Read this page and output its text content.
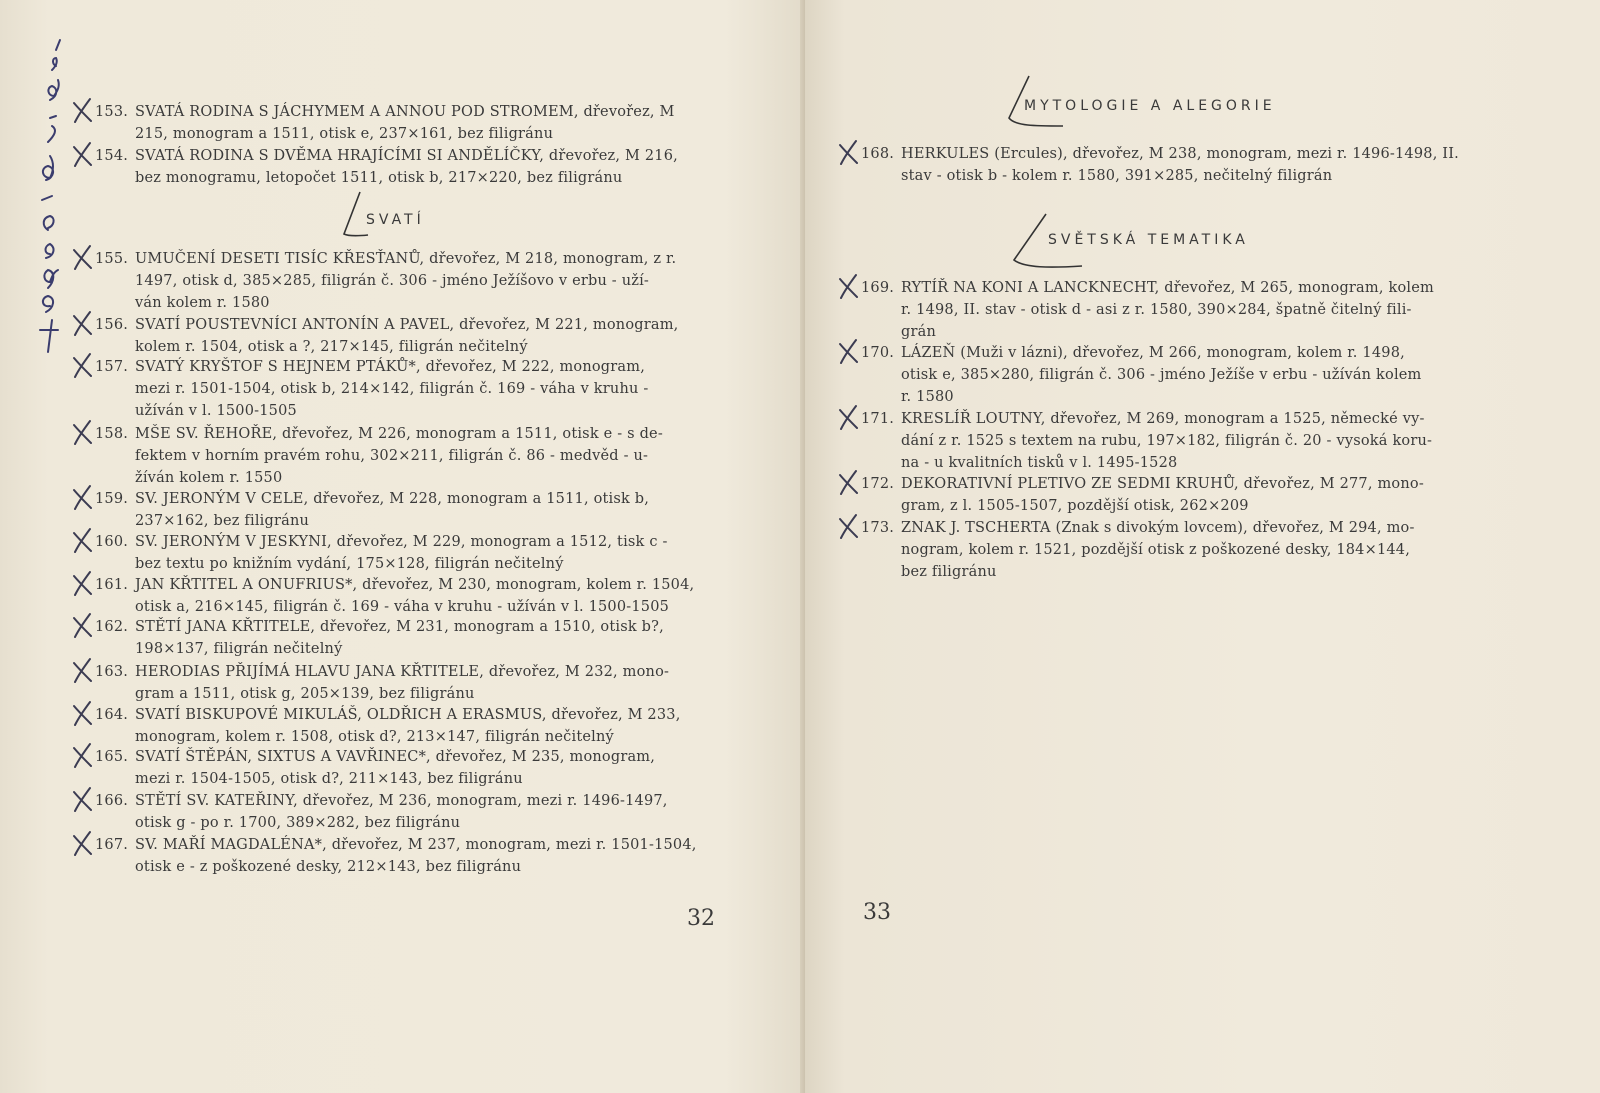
153. SVATÁ RODINA S JÁCHYMEM A ANNOU POD STROMEM, dřevořez, M
215, monogram a 1511, otisk e, 237×161, bez filigránu
154. SVATÁ RODINA S DVĚMA HRAJÍCÍMI SI ANDĚLÍČKY, dřevořez, M 216,
bez monogramu, letopočet 1511, otisk b, 217×220, bez filigránu
155. UMUČENÍ DESETI TISÍC KŘESŤANŮ, dřevořez, M 218, monogram, z r.
1497, otisk d, 385×285, filigrán č. 306 - jméno Ježíšovo v erbu - uží-
ván kolem r. 1580
156. SVATÍ POUSTEVNÍCI ANTONÍN A PAVEL, dřevořez, M 221, monogram,
kolem r. 1504, otisk a ?, 217×145, filigrán nečitelný
157. SVATÝ KRYŠTOF S HEJNEM PTÁKŮ*, dřevořez, M 222, monogram,
mezi r. 1501-1504, otisk b, 214×142, filigrán č. 169 - váha v kruhu -
užíván v l. 1500-1505
158. MŠE SV. ŘEHOŘE, dřevořez, M 226, monogram a 1511, otisk e - s de-
fektem v horním pravém rohu, 302×211, filigrán č. 86 - medvěd - u-
žíván kolem r. 1550
159. SV. JERONÝM V CELE, dřevořez, M 228, monogram a 1511, otisk b,
237×162, bez filigránu
160. SV. JERONÝM V JESKYNI, dřevořez, M 229, monogram a 1512, tisk c -
bez textu po knižním vydání, 175×128, filigrán nečitelný
161. JAN KŘTITEL A ONUFRIUS*, dřevořez, M 230, monogram, kolem r. 1504,
otisk a, 216×145, filigrán č. 169 - váha v kruhu - užíván v l. 1500-1505
162. STĚTÍ JANA KŘTITELE, dřevořez, M 231, monogram a 1510, otisk b?,
198×137, filigrán nečitelný
163. HERODIAS PŘIJÍMÁ HLAVU JANA KŘTITELE, dřevořez, M 232, mono-
gram a 1511, otisk g, 205×139, bez filigránu
164. SVATÍ BISKUPOVÉ MIKULÁŠ, OLDŘICH A ERASMUS, dřevořez, M 233,
monogram, kolem r. 1508, otisk d?, 213×147, filigrán nečitelný
165. SVATÍ ŠTĚPÁN, SIXTUS A VAVŘINEC*, dřevořez, M 235, monogram,
mezi r. 1504-1505, otisk d?, 211×143, bez filigránu
166. STĚTÍ SV. KATEŘINY, dřevořez, M 236, monogram, mezi r. 1496-1497,
otisk g - po r. 1700, 389×282, bez filigránu
167. SV. MAŘÍ MAGDALÉNA*, dřevořez, M 237, monogram, mezi r. 1501-1504,
otisk e - z poškozené desky, 212×143, bez filigránu
SVATÍ
32
MYTOLOGIE A ALEGORIE
SVĚTSKÁ TEMATIKA
168. HERKULES (Ercules), dřevořez, M 238, monogram, mezi r. 1496-1498, II.
stav - otisk b - kolem r. 1580, 391×285, nečitelný filigrán
169. RYTÍŘ NA KONI A LANCKNECHT, dřevořez, M 265, monogram, kolem
r. 1498, II. stav - otisk d - asi z r. 1580, 390×284, špatně čitelný fili-
grán
170. LÁZEŇ (Muži v lázni), dřevořez, M 266, monogram, kolem r. 1498,
otisk e, 385×280, filigrán č. 306 - jméno Ježíše v erbu - užíván kolem
r. 1580
171. KRESLÍŘ LOUTNY, dřevořez, M 269, monogram a 1525, německé vy-
dání z r. 1525 s textem na rubu, 197×182, filigrán č. 20 - vysoká koru-
na - u kvalitních tisků v l. 1495-1528
172. DEKORATIVNÍ PLETIVO ZE SEDMI KRUHŮ, dřevořez, M 277, mono-
gram, z l. 1505-1507, pozdější otisk, 262×209
173. ZNAK J. TSCHERTA (Znak s divokým lovcem), dřevořez, M 294, mo-
nogram, kolem r. 1521, pozdější otisk z poškozené desky, 184×144,
bez filigránu
33
